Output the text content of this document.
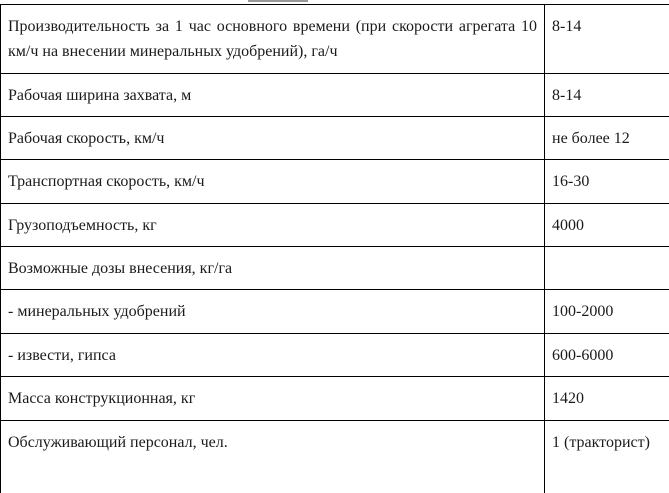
Производительность за 1 час основного времени (при скорости агрегата 10 км/ч на внесении минеральных удобрений), га/ч	8-14

Рабочая ширина захвата, м	8-14

Рабочая скорость, км/ч	не более 12

Транспортная скорость, км/ч	16-30

Грузоподъемность, кг	4000

Возможные дозы внесения, кг/га	

- минеральных удобрений	100-2000

- извести, гипса	600-6000

Масса конструкционная, кг	1420

Обслуживающий персонал, чел.	1 (тракторист)
